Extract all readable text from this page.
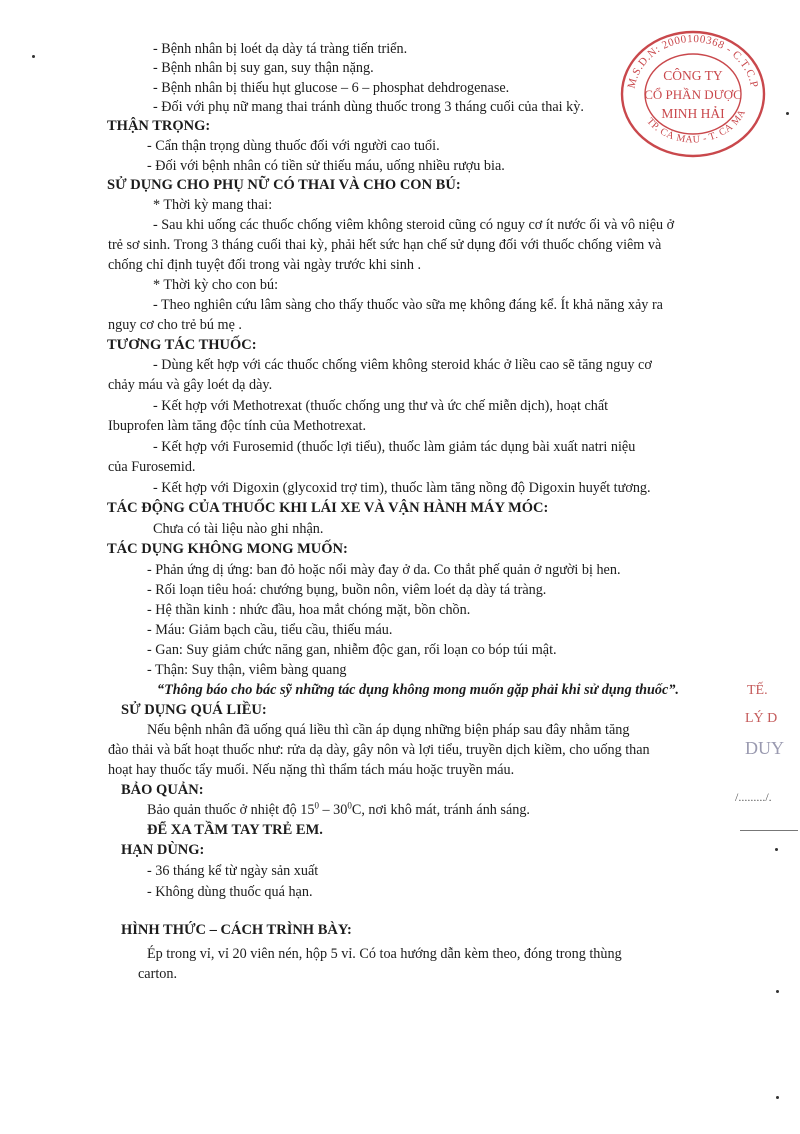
- Bệnh nhân bị loét dạ dày tá tràng tiến triển.
- Bệnh nhân bị suy gan, suy thận nặng.
- Bệnh nhân bị thiếu hụt glucose – 6 – phosphat dehdrogenase.
- Đối với phụ nữ mang thai tránh dùng thuốc trong 3 tháng cuối của thai kỳ.
THẬN TRỌNG:
- Cẩn thận trọng dùng thuốc đối với người cao tuổi.
- Đối với bệnh nhân có tiền sử thiếu máu, uống nhiều rượu bia.
SỬ DỤNG CHO PHỤ NỮ CÓ THAI VÀ CHO CON BÚ:
* Thời kỳ mang thai:
- Sau khi uống các thuốc chống viêm không steroid cũng có nguy cơ ít nước ối và vô niệu ở
trẻ sơ sinh. Trong 3 tháng cuối thai kỳ, phải hết sức hạn chế sử dụng đối với thuốc chống viêm và
chống chỉ định tuyệt đối trong vài ngày trước khi sinh .
* Thời kỳ cho con bú:
- Theo nghiên cứu lâm sàng cho thấy thuốc vào sữa mẹ không đáng kể. Ít khả năng xảy ra
nguy cơ cho trẻ bú mẹ .
TƯƠNG TÁC THUỐC:
- Dùng kết hợp với các thuốc chống viêm không steroid khác ở liều cao sẽ tăng nguy cơ
chảy máu và gây loét dạ dày.
- Kết hợp với Methotrexat (thuốc chống ung thư và ức chế miễn dịch), hoạt chất
Ibuprofen làm tăng độc tính của Methotrexat.
- Kết hợp với Furosemid (thuốc lợi tiểu), thuốc làm giảm tác dụng bài xuất natri niệu
của Furosemid.
- Kết hợp với Digoxin (glycoxid trợ tim), thuốc làm tăng nồng độ Digoxin huyết tương.
TÁC ĐỘNG CỦA THUỐC KHI LÁI XE VÀ VẬN HÀNH MÁY MÓC:
Chưa có tài liệu nào ghi nhận.
TÁC DỤNG KHÔNG MONG MUỐN:
- Phản ứng dị ứng: ban đỏ hoặc nổi mày đay ở da. Co thắt phế quản ở người bị hen.
- Rối loạn tiêu hoá: chướng bụng, buồn nôn, viêm loét dạ dày tá tràng.
- Hệ thần kinh : nhức đầu, hoa mắt chóng mặt, bồn chồn.
- Máu: Giảm bạch cầu, tiểu cầu, thiếu máu.
- Gan: Suy giảm chức năng gan, nhiễm độc gan, rối loạn co bóp túi mật.
- Thận: Suy thận, viêm bàng quang
“Thông báo cho bác sỹ những tác dụng không mong muốn gặp phải khi sử dụng thuốc”.
SỬ DỤNG QUÁ LIỀU:
Nếu bệnh nhân đã uống quá liều thì cần áp dụng những biện pháp sau đây nhằm tăng
đào thải và bất hoạt thuốc như: rửa dạ dày, gây nôn và lợi tiểu, truyền dịch kiềm, cho uống than
hoạt hay thuốc tẩy muối. Nếu nặng thì thẩm tách máu hoặc truyền máu.
BẢO QUẢN:
Bảo quản thuốc ở nhiệt độ $15^0 - 30^0C$, nơi khô mát, tránh ánh sáng.
ĐỂ XA TẦM TAY TRẺ EM.
HẠN DÙNG:
- 36 tháng kể từ ngày sản xuất
- Không dùng thuốc quá hạn.
HÌNH THỨC – CÁCH TRÌNH BÀY:
Ép trong vỉ, vỉ 20 viên nén, hộp 5 vỉ. Có toa hướng dẫn kèm theo, đóng trong thùng
carton.
M.S.D.N: 2000100368 - C.T.C.P
TP. CÀ MAU - T. CÀ MA
CÔNG TY
CỔ PHẦN DƯỢC
MINH HẢI
TẾ.
LÝ D
DUY
/........./.
